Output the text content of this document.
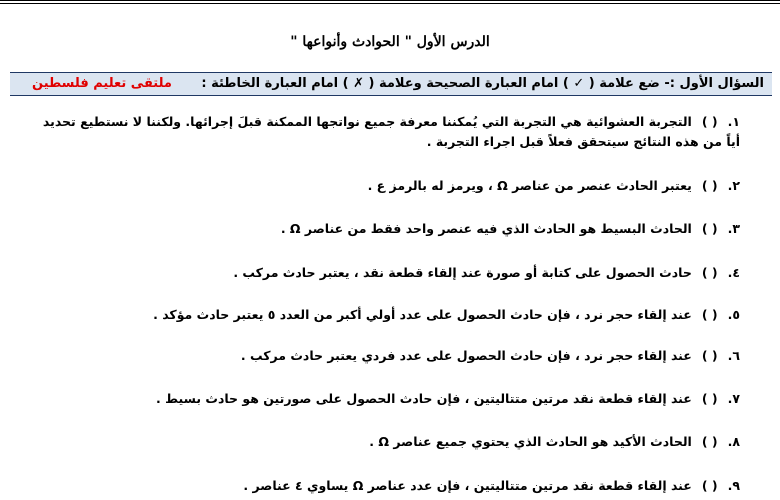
الدرس الأول " الحوادث وأنواعها "
السؤال الأول :- ضع علامة ( ✓ ) امام العبارة الصحيحة وعلامة ( ✗ ) امام العبارة الخاطئة :
ملتقى تعليم فلسطين
١.( )التجربة العشوائية هي التجربة التي يُمكننا معرفة جميع نواتجها الممكنة قبلَ إجرائها. ولكننا لا نستطيع تحديد أياً من هذه النتائج سيتحقق فعلاً قبل اجراء التجربة .
٢.( )يعتبر الحادث عنصر من عناصر Ω ، ويرمز له بالرمز ع .
٣.( )الحادث البسيط هو الحادث الذي فيه عنصر واحد فقط من عناصر Ω .
٤.( )حادث الحصول على كتابة أو صورة عند إلقاء قطعة نقد ، يعتبر حادث مركب .
٥.( )عند إلقاء حجر نرد ، فإن حادث الحصول على عدد أولي أكبر من العدد ٥ يعتبر حادث مؤكد .
٦.( )عند إلقاء حجر نرد ، فإن حادث الحصول على عدد فردي يعتبر حادث مركب .
٧.( )عند إلقاء قطعة نقد مرتين متتاليتين ، فإن حادث الحصول على صورتين هو حادث بسيط .
٨.( )الحادث الأكيد هو الحادث الذي يحتوي جميع عناصر Ω .
٩.( )عند إلقاء قطعة نقد مرتين متتاليتين ، فإن عدد عناصر Ω يساوي ٤ عناصر .
